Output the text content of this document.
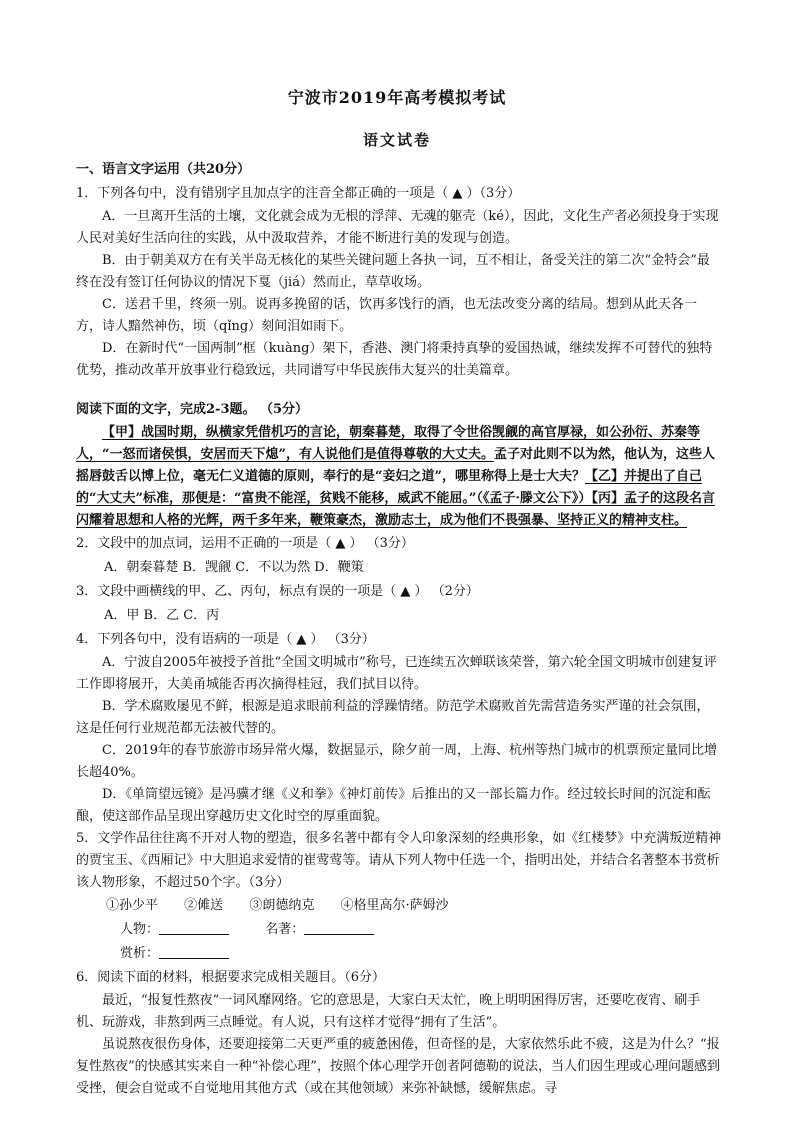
宁波市2019年高考模拟考试
语文试卷

一、语言文字运用（共20分）

1．下列各句中，没有错别字且加点字的注音全都正确的一项是（ ▲ ）（3分）

A．一旦离开生活的土壤，文化就会成为无根的浮萍、无魂的躯壳（ké），因此，文化生产者必须投身于实现人民对美好生活向往的实践，从中汲取营养，才能不断进行美的发现与创造。

B．由于朝美双方在有关半岛无核化的某些关键问题上各执一词，互不相让，备受关注的第二次“金特会”最终在没有签订任何协议的情况下戛（jiá）然而止，草草收场。

C．送君千里，终须一别。说再多挽留的话，饮再多饯行的酒，也无法改变分离的结局。想到从此天各一方，诗人黯然神伤，顷（qǐng）刻间泪如雨下。

D．在新时代“一国两制”框（kuàng）架下，香港、澳门将秉持真挚的爱国热诚，继续发挥不可替代的独特优势，推动改革开放事业行稳致远，共同谱写中华民族伟大复兴的壮美篇章。

阅读下面的文字，完成2-3题。 （5分）

【甲】战国时期，纵横家凭借机巧的言论，朝秦暮楚，取得了令世俗觊觎的高官厚禄，如公孙衍、苏秦等人，“一怒而诸侯惧，安居而天下熄”，有人说他们是值得尊敬的大丈夫。孟子对此则不以为然，他认为，这些人摇唇鼓舌以博上位，毫无仁义道德的原则，奉行的是“妾妇之道”，哪里称得上是士大夫？【乙】并提出了自己的“大丈夫”标准，那便是：“富贵不能淫，贫贱不能移，威武不能屈。”（《孟子·滕文公下》）【丙】孟子的这段名言闪耀着思想和人格的光辉，两千多年来，鞭策豪杰，激励志士，成为他们不畏强暴、坚持正义的精神支柱。

2．文段中的加点词，运用不正确的一项是（ ▲ ） （3分）

A．朝秦暮楚 B．觊觎 C．不以为然 D．鞭策

3．文段中画横线的甲、乙、丙句，标点有误的一项是（ ▲ ） （2分）

A．甲 B．乙 C．丙

4．下列各句中，没有语病的一项是（ ▲ ） （3分）

A．宁波自2005年被授予首批“全国文明城市”称号，已连续五次蝉联该荣誉，第六轮全国文明城市创建复评工作即将展开，大美甬城能否再次摘得桂冠，我们拭目以待。

B．学术腐败屡见不鲜，根源是追求眼前利益的浮躁情绪。防范学术腐败首先需营造务实严谨的社会氛围，这是任何行业规范都无法被代替的。

C．2019年的春节旅游市场异常火爆，数据显示，除夕前一周，上海、杭州等热门城市的机票预定量同比增长超40%。

D．《单筒望远镜》是冯骥才继《义和拳》《神灯前传》后推出的又一部长篇力作。经过较长时间的沉淀和酝酿，使这部作品呈现出穿越历史文化时空的厚重面貌。

5．文学作品往往离不开对人物的塑造，很多名著中都有令人印象深刻的经典形象，如《红楼梦》中充满叛逆精神的贾宝玉、《西厢记》中大胆追求爱情的崔莺莺等。请从下列人物中任选一个，指明出处，并结合名著整本书赏析该人物形象，不超过50个字。（3分）

①孙少平 ②傩送 ③朗德纳克 ④格里高尔·萨姆沙

人物：	名著：

赏析：

6．阅读下面的材料，根据要求完成相关题目。（6分）

最近，“报复性熬夜”一词风靡网络。它的意思是，大家白天太忙，晚上明明困得厉害，还要吃夜宵、刷手机、玩游戏，非熬到两三点睡觉。有人说，只有这样才觉得“拥有了生活”。

虽说熬夜很伤身体，还要迎接第二天更严重的疲惫困倦，但奇怪的是，大家依然乐此不疲，这是为什么？“报复性熬夜”的快感其实来自一种“补偿心理”，按照个体心理学开创者阿德勒的说法，当人们因生理或心理问题感到受挫，便会自觉或不自觉地用其他方式（或在其他领域）来弥补缺憾，缓解焦虑。寻
